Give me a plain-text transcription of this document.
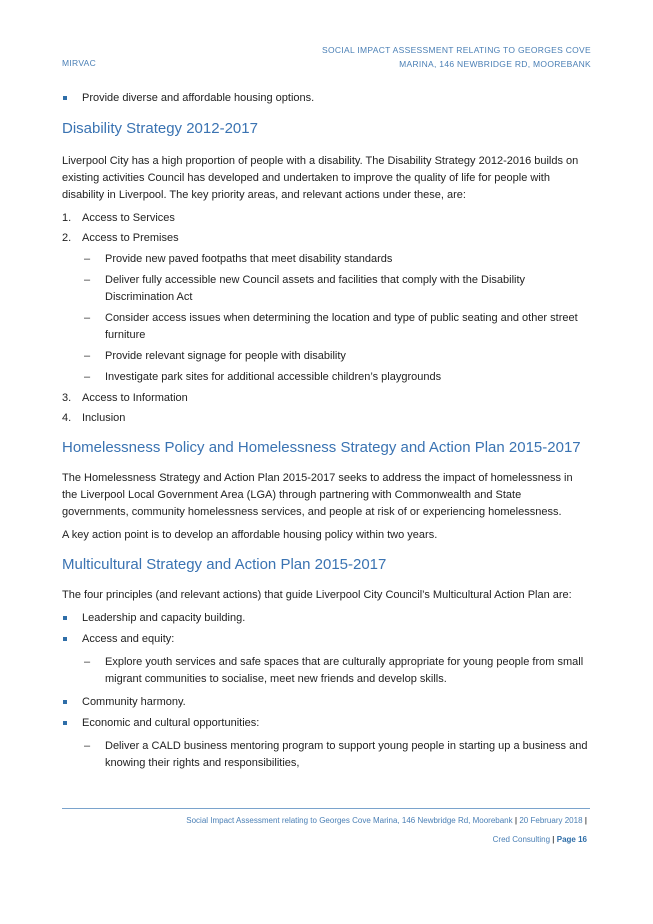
MIRVAC
SOCIAL IMPACT ASSESSMENT RELATING TO GEORGES COVE
MARINA, 146 NEWBRIDGE RD, MOOREBANK
Provide diverse and affordable housing options.
Disability Strategy 2012-2017

Liverpool City has a high proportion of people with a disability. The Disability Strategy 2012-2016 builds on existing activities Council has developed and undertaken to improve the quality of life for people with disability in Liverpool. The key priority areas, and relevant actions under these, are:

1. Access to Services
2. Access to Premises
– Provide new paved footpaths that meet disability standards
– Deliver fully accessible new Council assets and facilities that comply with the Disability Discrimination Act
– Consider access issues when determining the location and type of public seating and other street furniture
– Provide relevant signage for people with disability
– Investigate park sites for additional accessible children’s playgrounds
3. Access to Information
4. Inclusion
Homelessness Policy and Homelessness Strategy and Action Plan 2015-2017

The Homelessness Strategy and Action Plan 2015-2017 seeks to address the impact of homelessness in the Liverpool Local Government Area (LGA) through partnering with Commonwealth and State governments, community homelessness services, and people at risk of or experiencing homelessness.

A key action point is to develop an affordable housing policy within two years.

Multicultural Strategy and Action Plan 2015-2017

The four principles (and relevant actions) that guide Liverpool City Council’s Multicultural Action Plan are:

Leadership and capacity building.
Access and equity:
– Explore youth services and safe spaces that are culturally appropriate for young people from small migrant communities to socialise, meet new friends and develop skills.
Community harmony.
Economic and cultural opportunities:
– Deliver a CALD business mentoring program to support young people in starting up a business and knowing their rights and responsibilities,
Social Impact Assessment relating to Georges Cove Marina, 146 Newbridge Rd, Moorebank | 20 February 2018 |
Cred Consulting | Page 16
